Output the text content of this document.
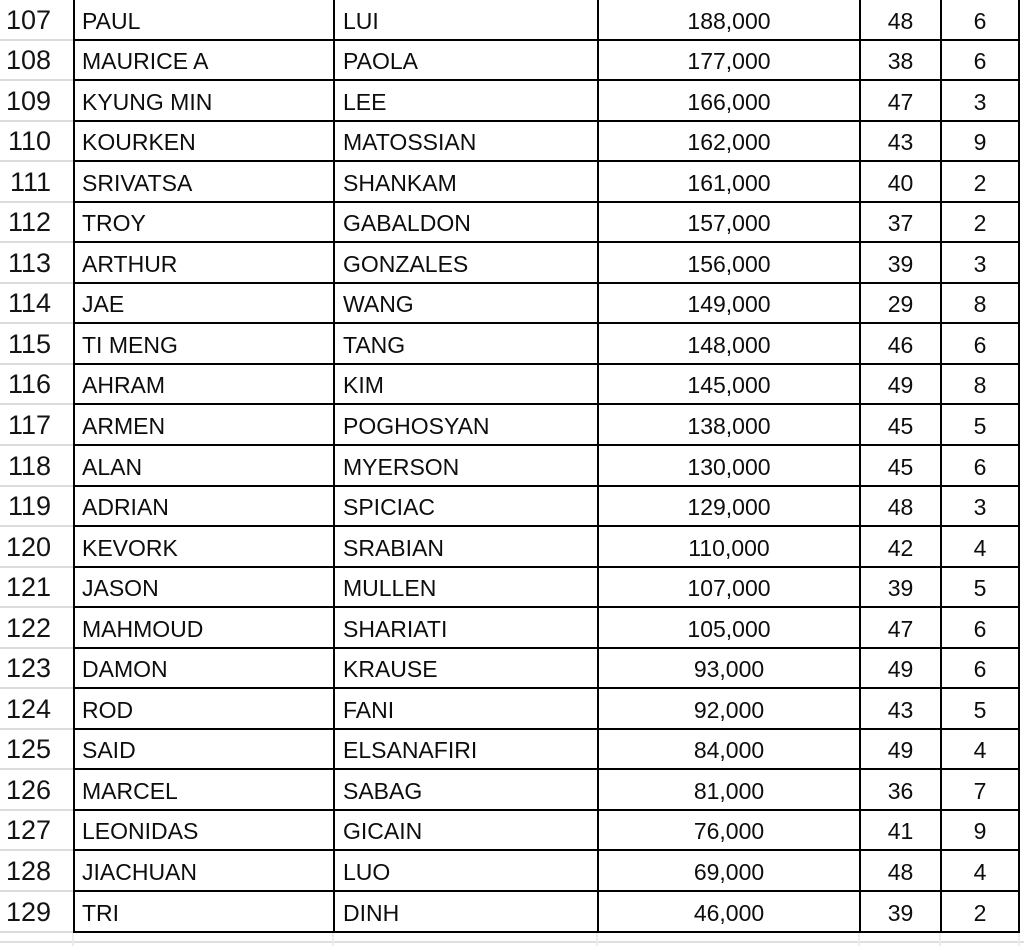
107	PAUL	LUI	188,000	48	6
108	MAURICE A	PAOLA	177,000	38	6
109	KYUNG MIN	LEE	166,000	47	3
110	KOURKEN	MATOSSIAN	162,000	43	9
111	SRIVATSA	SHANKAM	161,000	40	2
112	TROY	GABALDON	157,000	37	2
113	ARTHUR	GONZALES	156,000	39	3
114	JAE	WANG	149,000	29	8
115	TI MENG	TANG	148,000	46	6
116	AHRAM	KIM	145,000	49	8
117	ARMEN	POGHOSYAN	138,000	45	5
118	ALAN	MYERSON	130,000	45	6
119	ADRIAN	SPICIAC	129,000	48	3
120	KEVORK	SRABIAN	110,000	42	4
121	JASON	MULLEN	107,000	39	5
122	MAHMOUD	SHARIATI	105,000	47	6
123	DAMON	KRAUSE	93,000	49	6
124	ROD	FANI	92,000	43	5
125	SAID	ELSANAFIRI	84,000	49	4
126	MARCEL	SABAG	81,000	36	7
127	LEONIDAS	GICAIN	76,000	41	9
128	JIACHUAN	LUO	69,000	48	4
129	TRI	DINH	46,000	39	2
